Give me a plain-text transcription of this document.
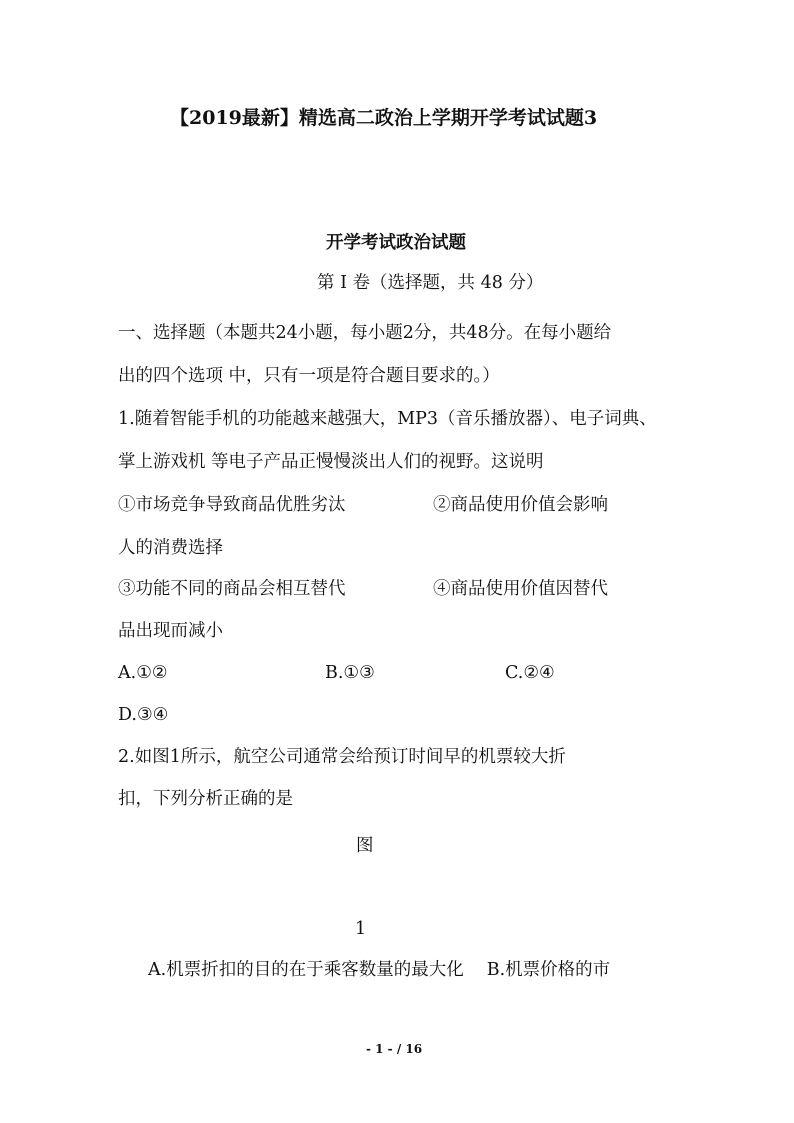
【2019最新】精选高二政治上学期开学考试试题3
开学考试政治试题
第 I 卷（选择题，共 48 分）
一、选择题（本题共24小题，每小题2分，共48分。在每小题给
出的四个选项 中，只有一项是符合题目要求的。）
1.随着智能手机的功能越来越强大，MP3（音乐播放器）、电子词典、
掌上游戏机 等电子产品正慢慢淡出人们的视野。这说明
①市场竞争导致商品优胜劣汰	②商品使用价值会影响
人的消费选择
③功能不同的商品会相互替代	④商品使用价值因替代
品出现而减小
A.①②	B.①③	C.②④
D.③④
2.如图1所示，航空公司通常会给预订时间早的机票较大折
扣，下列分析正确的是
图
1
A.机票折扣的目的在于乘客数量的最大化　 B.机票价格的市
- 1 - / 16
